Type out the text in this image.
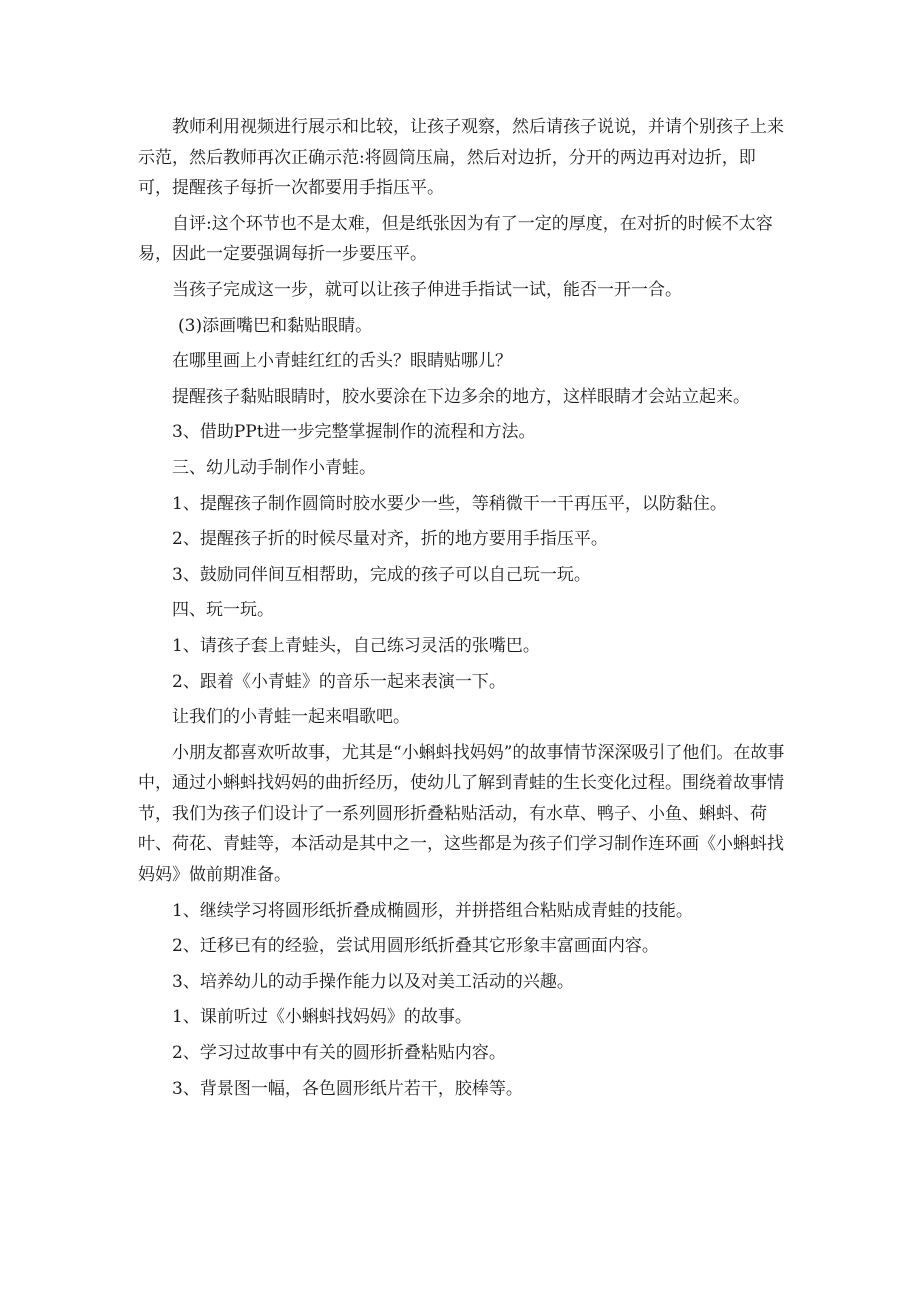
教师利用视频进行展示和比较，让孩子观察，然后请孩子说说，并请个别孩子上来示范，然后教师再次正确示范:将圆筒压扁，然后对边折，分开的两边再对边折，即可，提醒孩子每折一次都要用手指压平。

自评:这个环节也不是太难，但是纸张因为有了一定的厚度，在对折的时候不太容易，因此一定要强调每折一步要压平。

当孩子完成这一步，就可以让孩子伸进手指试一试，能否一开一合。

(3)添画嘴巴和黏贴眼睛。

在哪里画上小青蛙红红的舌头？眼睛贴哪儿？

提醒孩子黏贴眼睛时，胶水要涂在下边多余的地方，这样眼睛才会站立起来。

3、借助PPt进一步完整掌握制作的流程和方法。

三、幼儿动手制作小青蛙。

1、提醒孩子制作圆筒时胶水要少一些，等稍微干一干再压平，以防黏住。

2、提醒孩子折的时候尽量对齐，折的地方要用手指压平。

3、鼓励同伴间互相帮助，完成的孩子可以自己玩一玩。

四、玩一玩。

1、请孩子套上青蛙头，自己练习灵活的张嘴巴。

2、跟着《小青蛙》的音乐一起来表演一下。

让我们的小青蛙一起来唱歌吧。

小朋友都喜欢听故事，尤其是“小蝌蚪找妈妈”的故事情节深深吸引了他们。在故事中，通过小蝌蚪找妈妈的曲折经历，使幼儿了解到青蛙的生长变化过程。围绕着故事情节，我们为孩子们设计了一系列圆形折叠粘贴活动，有水草、鸭子、小鱼、蝌蚪、荷叶、荷花、青蛙等，本活动是其中之一，这些都是为孩子们学习制作连环画《小蝌蚪找妈妈》做前期准备。

1、继续学习将圆形纸折叠成椭圆形，并拼搭组合粘贴成青蛙的技能。

2、迁移已有的经验，尝试用圆形纸折叠其它形象丰富画面内容。

3、培养幼儿的动手操作能力以及对美工活动的兴趣。

1、课前听过《小蝌蚪找妈妈》的故事。

2、学习过故事中有关的圆形折叠粘贴内容。

3、背景图一幅，各色圆形纸片若干，胶棒等。
